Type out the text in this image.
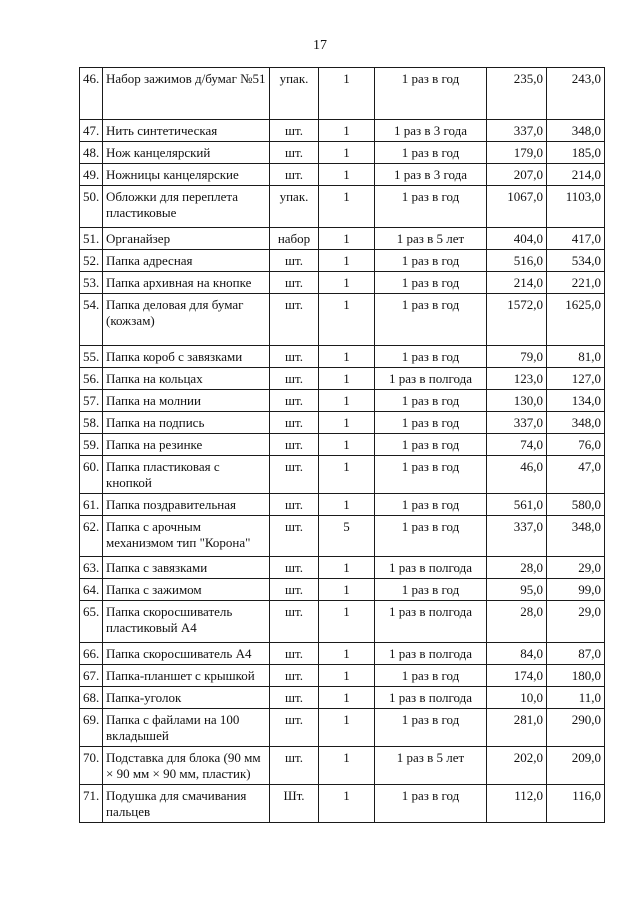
17
46.	Набор зажимов д/бумаг №51	упак.	1	1 раз в год	235,0	243,0
47.	Нить синтетическая	шт.	1	1 раз в 3 года	337,0	348,0
48.	Нож канцелярский	шт.	1	1 раз в год	179,0	185,0
49.	Ножницы канцелярские	шт.	1	1 раз в 3 года	207,0	214,0
50.	Обложки для переплета пластиковые	упак.	1	1 раз в год	1067,0	1103,0
51.	Органайзер	набор	1	1 раз в 5 лет	404,0	417,0
52.	Папка адресная	шт.	1	1 раз в год	516,0	534,0
53.	Папка архивная на кнопке	шт.	1	1 раз в год	214,0	221,0
54.	Папка деловая для бумаг (кожзам)	шт.	1	1 раз в год	1572,0	1625,0
55.	Папка короб с завязками	шт.	1	1 раз в год	79,0	81,0
56.	Папка на кольцах	шт.	1	1 раз в полгода	123,0	127,0
57.	Папка на молнии	шт.	1	1 раз в год	130,0	134,0
58.	Папка на подпись	шт.	1	1 раз в год	337,0	348,0
59.	Папка на резинке	шт.	1	1 раз в год	74,0	76,0
60.	Папка пластиковая с кнопкой	шт.	1	1 раз в год	46,0	47,0
61.	Папка поздравительная	шт.	1	1 раз в год	561,0	580,0
62.	Папка с арочным механизмом тип "Корона"	шт.	5	1 раз в год	337,0	348,0
63.	Папка с завязками	шт.	1	1 раз в полгода	28,0	29,0
64.	Папка с зажимом	шт.	1	1 раз в год	95,0	99,0
65.	Папка скоросшиватель пластиковый А4	шт.	1	1 раз в полгода	28,0	29,0
66.	Папка скоросшиватель А4	шт.	1	1 раз в полгода	84,0	87,0
67.	Папка-планшет с крышкой	шт.	1	1 раз в год	174,0	180,0
68.	Папка-уголок	шт.	1	1 раз в полгода	10,0	11,0
69.	Папка с файлами на 100 вкладышей	шт.	1	1 раз в год	281,0	290,0
70.	Подставка для блока (90 мм × 90 мм × 90 мм, пластик)	шт.	1	1 раз в 5 лет	202,0	209,0
71.	Подушка для смачивания пальцев	Шт.	1	1 раз в год	112,0	116,0
